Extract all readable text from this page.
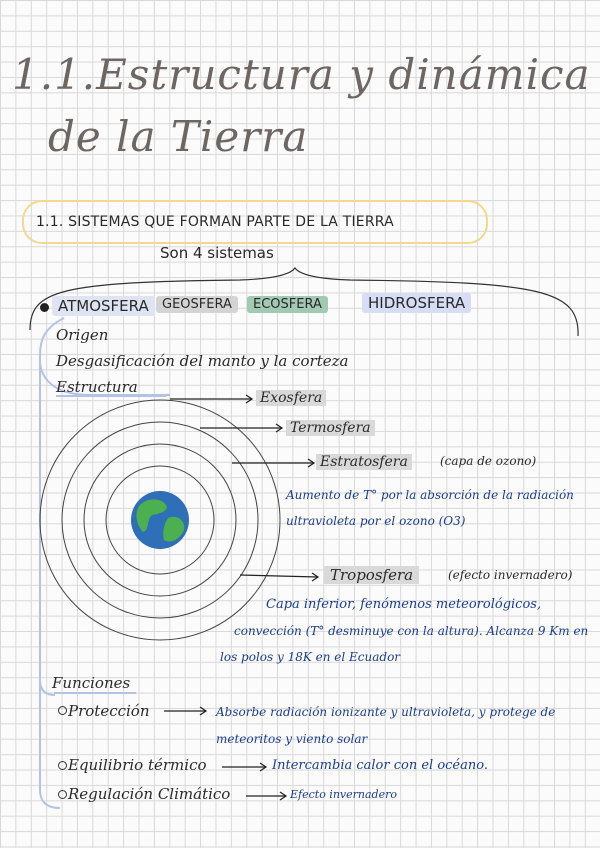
1.1.Estructura y dinámica
de la Tierra
1.1. SISTEMAS QUE FORMAN PARTE DE LA TIERRA
Son 4 sistemas
ATMOSFERA	GEOSFERA	ECOSFERA	HIDROSFERA
Origen
Desgasificación del manto y la corteza
Estructura
Exosfera
Termosfera
Estratosfera	(capa de ozono)
Aumento de T° por la absorción de la radiación
ultravioleta por el ozono (O3)
Troposfera	(efecto invernadero)
Capa inferior, fenómenos meteorológicos,
convección (T° desminuye con la altura). Alcanza 9 Km en
los polos y 18K en el Ecuador
Funciones
Protección	Absorbe radiación ionizante y ultravioleta, y protege de
meteoritos y viento solar
Equilibrio térmico	Intercambia calor con el océano.
Regulación Climático	Efecto invernadero
